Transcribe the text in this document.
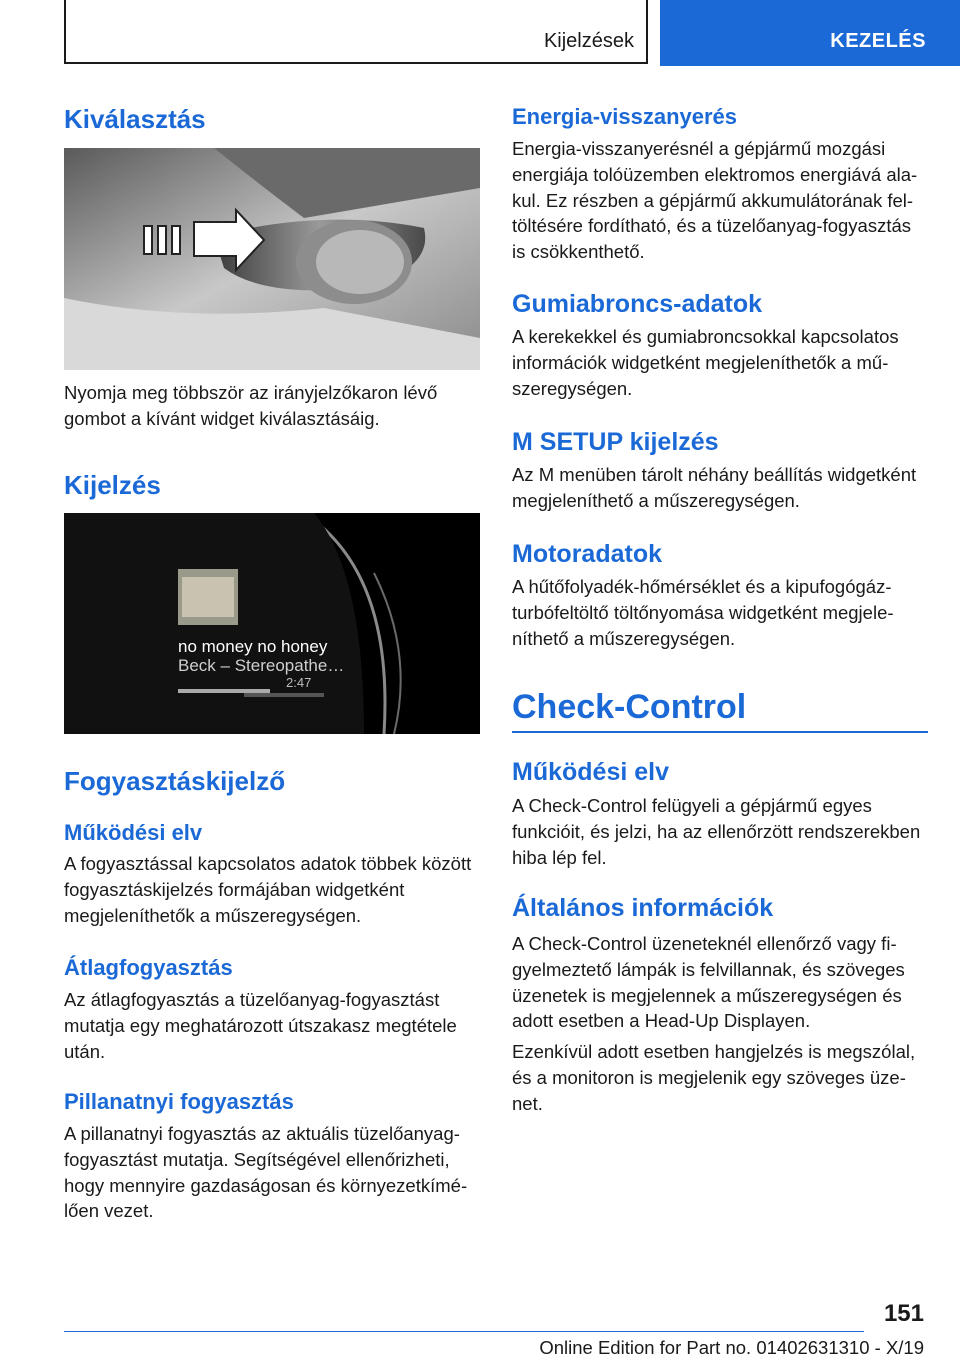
Kijelzések	KEZELÉS
Kiválasztás

Nyomja meg többször az irányjelzőkaron lévő gombot a kívánt widget kiválasztásáig.

Kijelzés
no money no honey
Beck – Stereopathe…
2:47
Fogyasztáskijelző
Működési elv

A fogyasztással kapcsolatos adatok többek között fogyasztáskijelzés formájában widgetként megjeleníthetők a műszeregységen.

Átlagfogyasztás

Az átlagfogyasztás a tüzelőanyag-fogyasztást mutatja egy meghatározott útszakasz megtétele után.

Pillanatnyi fogyasztás

A pillanatnyi fogyasztás az aktuális tüzelőanyag-fogyasztást mutatja. Segítségével ellenőrizheti, hogy mennyire gazdaságosan és környezetkímélően vezet.

Energia-visszanyerés

Energia-visszanyerésnél a gépjármű mozgási energiája tolóüzemben elektromos energiává alakul. Ez részben a gépjármű akkumulátorának feltöltésére fordítható, és a tüzelőanyag-fogyasztás is csökkenthető.

Gumiabroncs-adatok

A kerekekkel és gumiabroncsokkal kapcsolatos információk widgetként megjeleníthetők a műszeregységen.

M SETUP kijelzés

Az M menüben tárolt néhány beállítás widgetként megjeleníthető a műszeregységen.

Motoradatok

A hűtőfolyadék-hőmérséklet és a kipufogógáz-turbófeltöltő töltőnyomása widgetként megjeleníthető a műszeregységen.

Check-Control
Működési elv

A Check-Control felügyeli a gépjármű egyes funkcióit, és jelzi, ha az ellenőrzött rendszerekben hiba lép fel.

Általános információk

A Check-Control üzeneteknél ellenőrző vagy figyelmeztető lámpák is felvillannak, és szöveges üzenetek is megjelennek a műszeregységen és adott esetben a Head-Up Displayen.

Ezenkívül adott esetben hangjelzés is megszólal, és a monitoron is megjelenik egy szöveges üzenet.

151
Online Edition for Part no. 01402631310 - X/19
